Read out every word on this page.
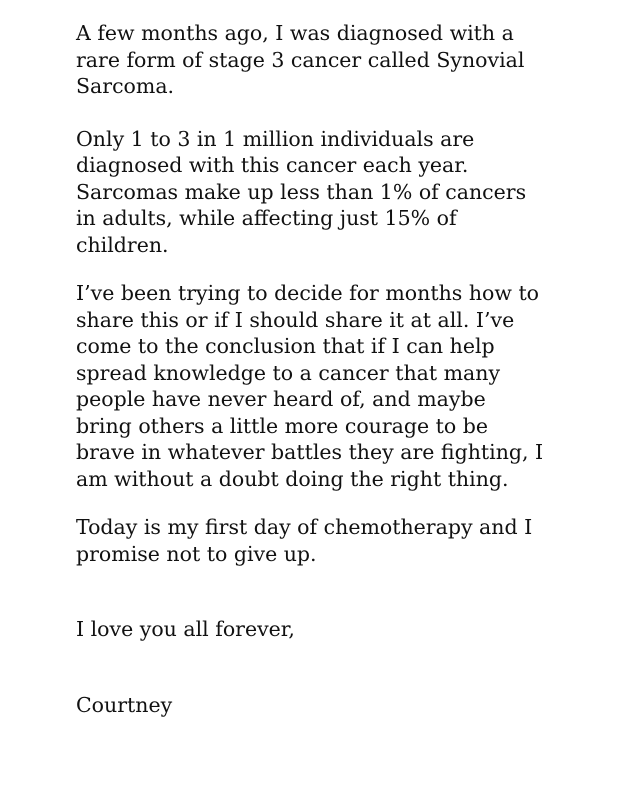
A few months ago, I was diagnosed with a
rare form of stage 3 cancer called Synovial
Sarcoma.

Only 1 to 3 in 1 million individuals are
diagnosed with this cancer each year.
Sarcomas make up less than 1% of cancers
in adults, while affecting just 15% of
children.

I’ve been trying to decide for months how to
share this or if I should share it at all. I’ve
come to the conclusion that if I can help
spread knowledge to a cancer that many
people have never heard of, and maybe
bring others a little more courage to be
brave in whatever battles they are fighting, I
am without a doubt doing the right thing.

Today is my first day of chemotherapy and I
promise not to give up.

I love you all forever,

Courtney
